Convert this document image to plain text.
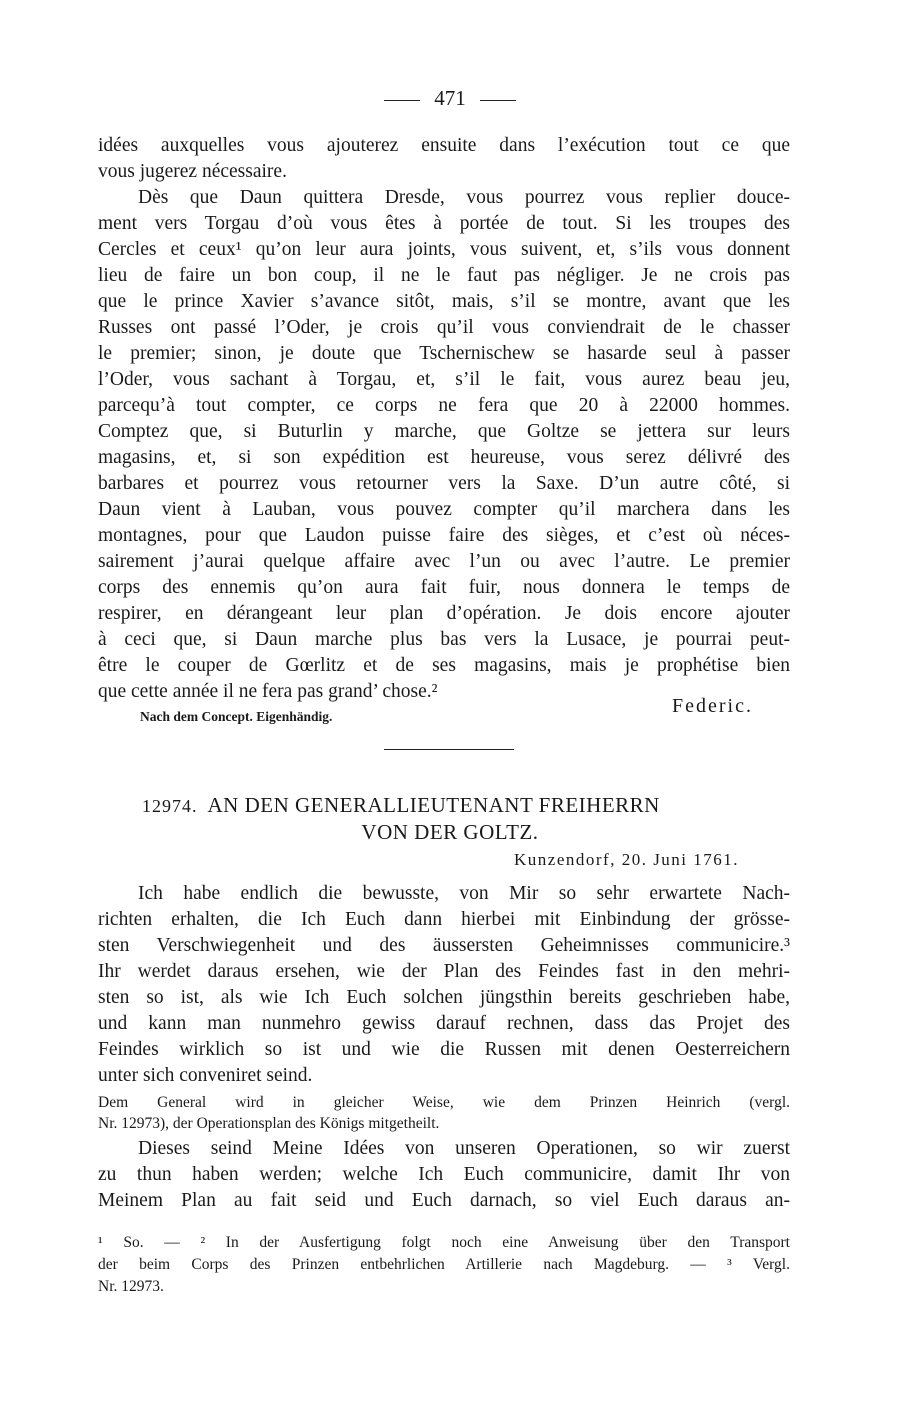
471
idées auxquelles vous ajouterez ensuite dans l’exécution tout ce que
vous jugerez nécessaire.
Dès que Daun quittera Dresde, vous pourrez vous replier douce-
ment vers Torgau d’où vous êtes à portée de tout. Si les troupes des
Cercles et ceux¹ qu’on leur aura joints, vous suivent, et, s’ils vous donnent
lieu de faire un bon coup, il ne le faut pas négliger. Je ne crois pas
que le prince Xavier s’avance sitôt, mais, s’il se montre, avant que les
Russes ont passé l’Oder, je crois qu’il vous conviendrait de le chasser
le premier; sinon, je doute que Tschernischew se hasarde seul à passer
l’Oder, vous sachant à Torgau, et, s’il le fait, vous aurez beau jeu,
parcequ’à tout compter, ce corps ne fera que 20 à 22000 hommes.
Comptez que, si Buturlin y marche, que Goltze se jettera sur leurs
magasins, et, si son expédition est heureuse, vous serez délivré des
barbares et pourrez vous retourner vers la Saxe. D’un autre côté, si
Daun vient à Lauban, vous pouvez compter qu’il marchera dans les
montagnes, pour que Laudon puisse faire des sièges, et c’est où néces-
sairement j’aurai quelque affaire avec l’un ou avec l’autre. Le premier
corps des ennemis qu’on aura fait fuir, nous donnera le temps de
respirer, en dérangeant leur plan d’opération. Je dois encore ajouter
à ceci que, si Daun marche plus bas vers la Lusace, je pourrai peut-
être le couper de Gœrlitz et de ses magasins, mais je prophétise bien
que cette année il ne fera pas grand’ chose.²
Federic.
Nach dem Concept. Eigenhändig.
12974. AN DEN GENERALLIEUTENANT FREIHERRN
VON DER GOLTZ.
Kunzendorf, 20. Juni 1761.
Ich habe endlich die bewusste, von Mir so sehr erwartete Nach-
richten erhalten, die Ich Euch dann hierbei mit Einbindung der grösse-
sten Verschwiegenheit und des äussersten Geheimnisses communicire.³
Ihr werdet daraus ersehen, wie der Plan des Feindes fast in den mehri-
sten so ist, als wie Ich Euch solchen jüngsthin bereits geschrieben habe,
und kann man nunmehro gewiss darauf rechnen, dass das Projet des
Feindes wirklich so ist und wie die Russen mit denen Oesterreichern
unter sich conveniret seind.
Dem General wird in gleicher Weise, wie dem Prinzen Heinrich (vergl.
Nr. 12973), der Operationsplan des Königs mitgetheilt.
Dieses seind Meine Idées von unseren Operationen, so wir zuerst
zu thun haben werden; welche Ich Euch communicire, damit Ihr von
Meinem Plan au fait seid und Euch darnach, so viel Euch daraus an-
¹ So. — ² In der Ausfertigung folgt noch eine Anweisung über den Transport
der beim Corps des Prinzen entbehrlichen Artillerie nach Magdeburg. — ³ Vergl.
Nr. 12973.
